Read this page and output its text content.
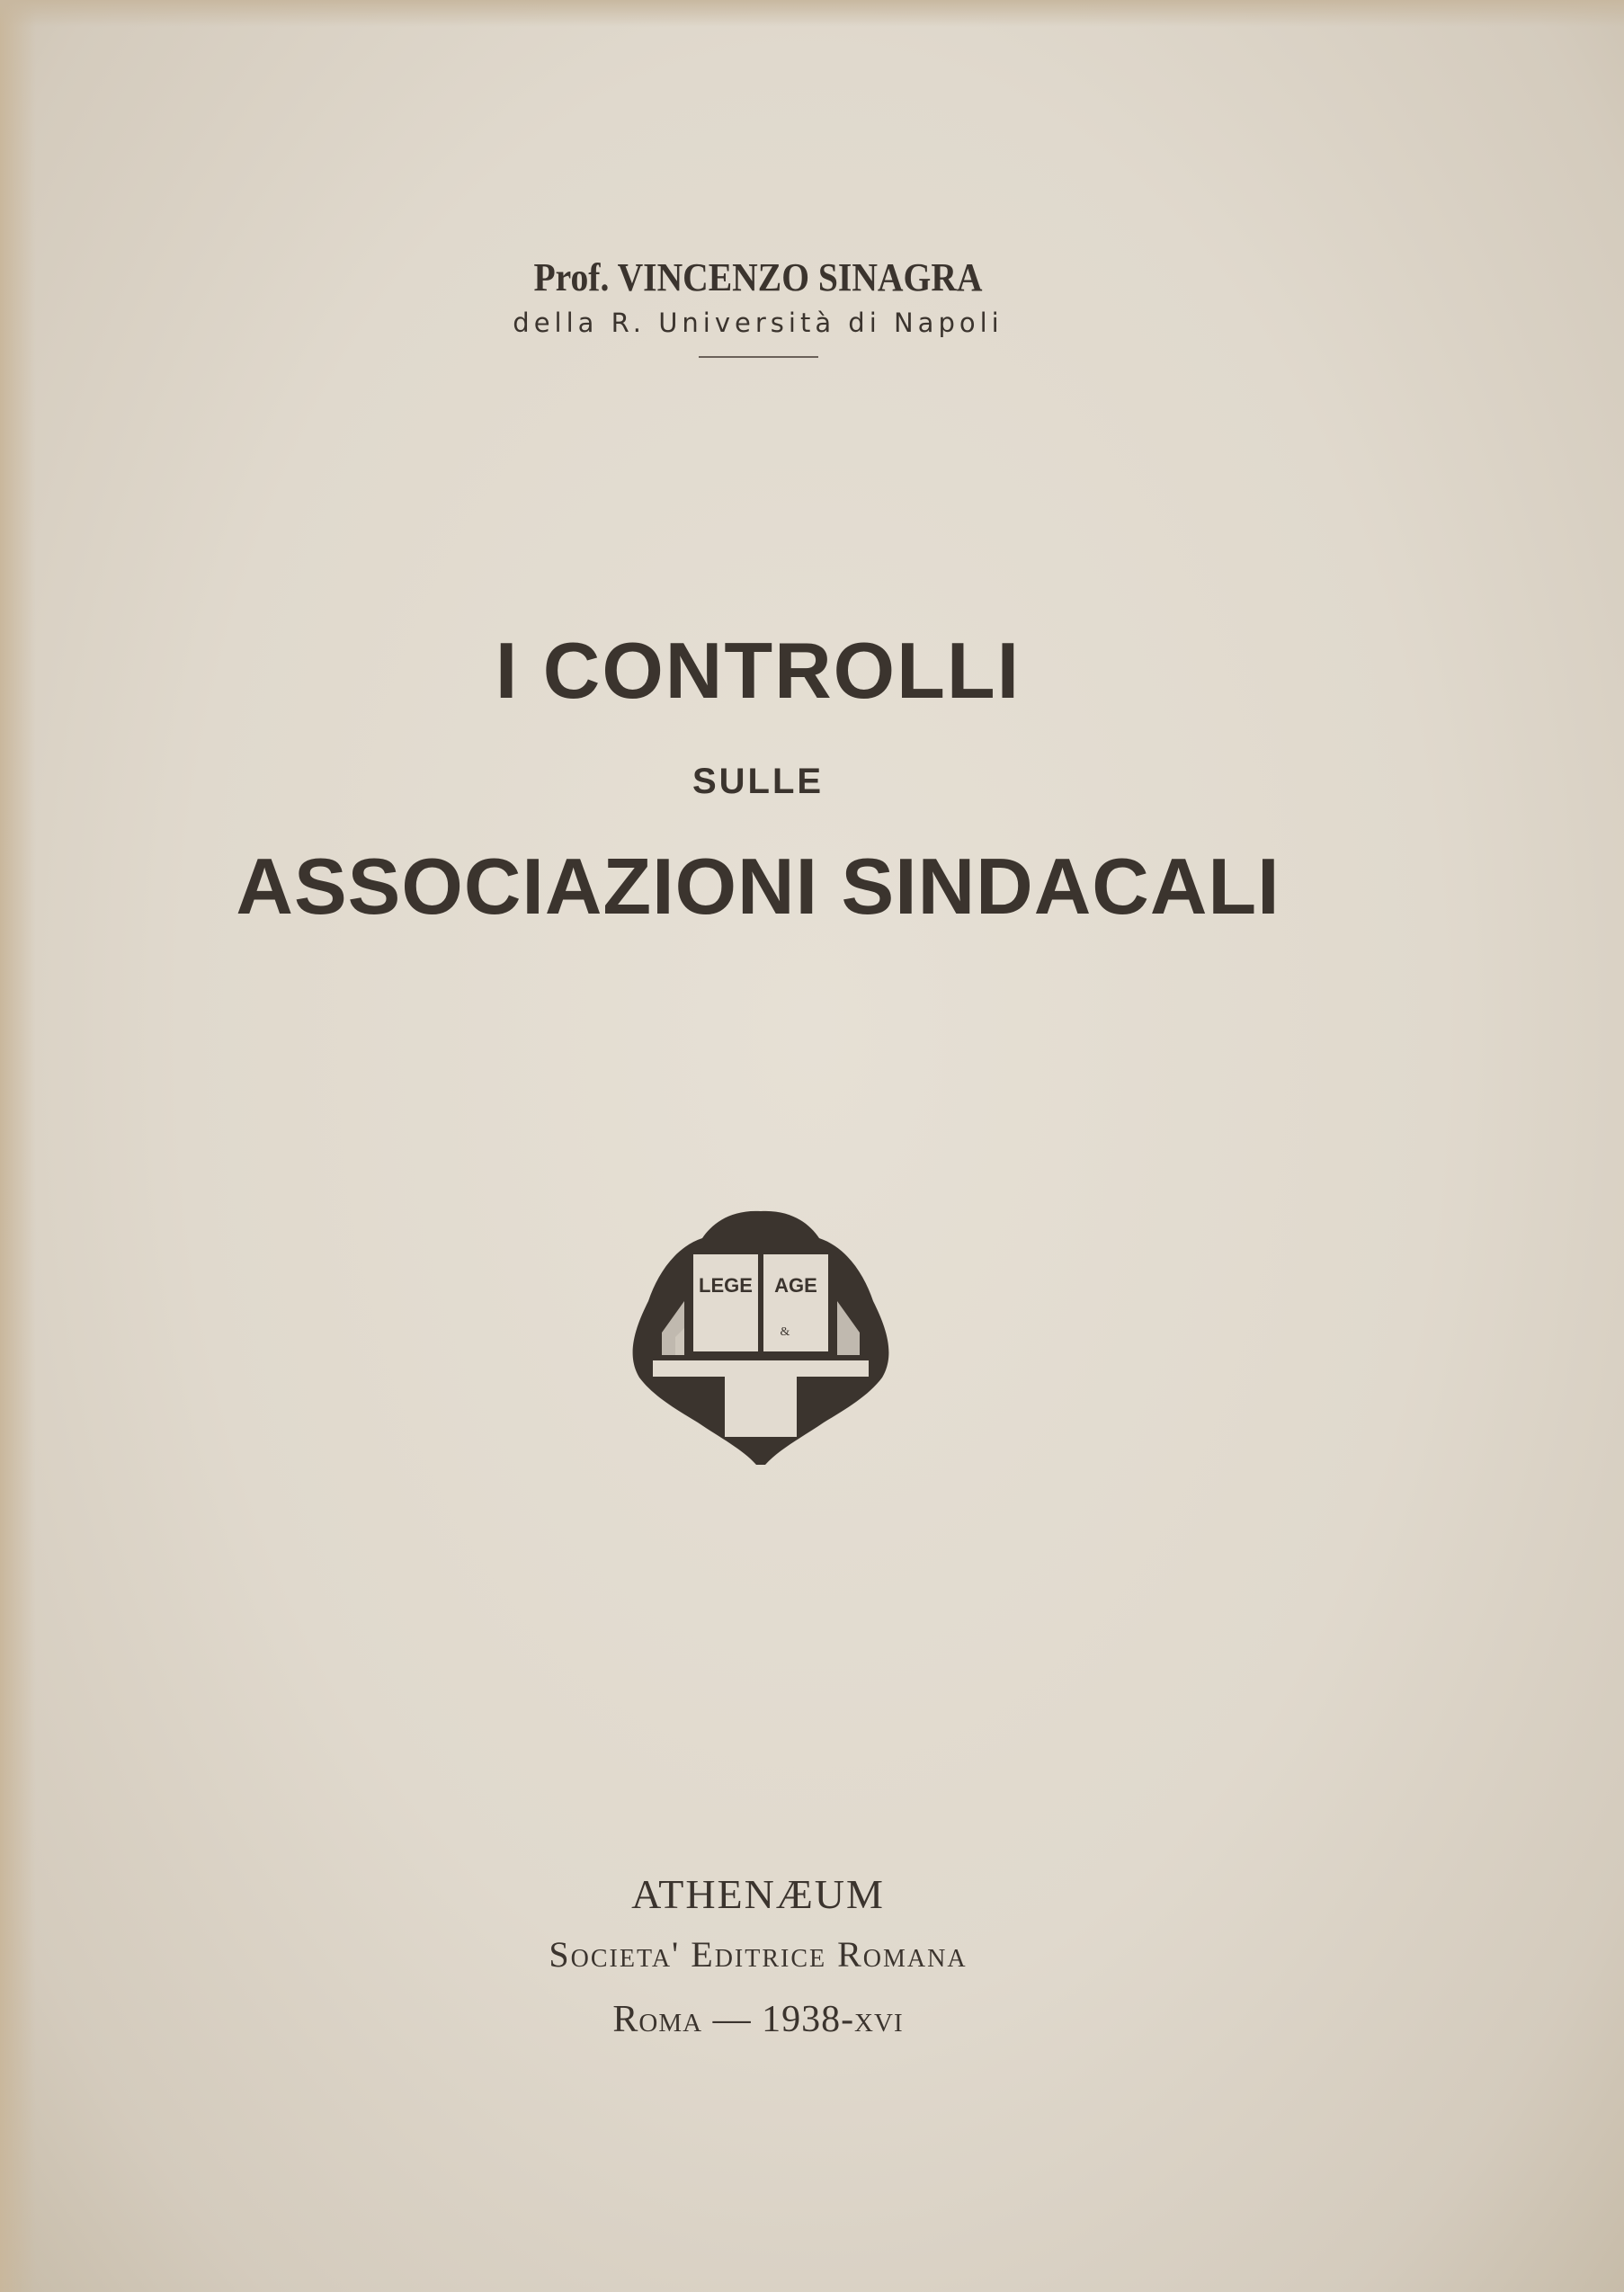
Prof. VINCENZO SINAGRA
della R. Università di Napoli
I CONTROLLI
SULLE
ASSOCIAZIONI SINDACALI
LEGE AGE
&
ATHENÆUM
Societa' Editrice Romana
Roma — 1938-xvi
